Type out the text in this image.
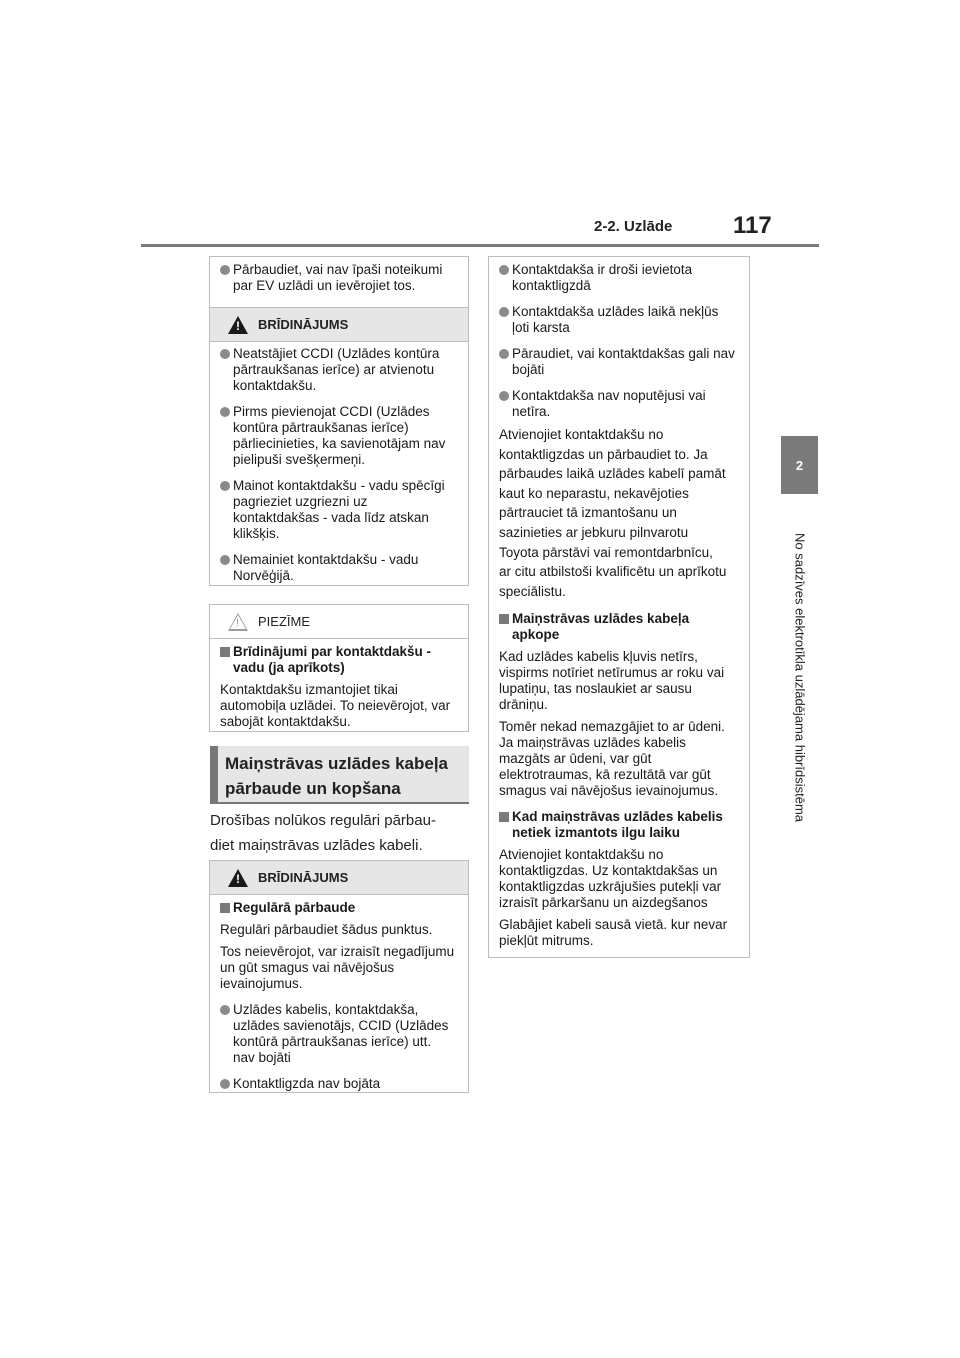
2-2. Uzlāde	117
2
No sadzīves elektrotīkla uzlādējama hibrīdsistēma
Pārbaudiet, vai nav īpaši noteikumi par EV uzlādi un ievērojiet tos.
!
BRĪDINĀJUMS
Neatstājiet CCDI (Uzlādes kontūra pārtraukšanas ierīce) ar atvienotu kontaktdakšu.
Pirms pievienojat CCDI (Uzlādes kontūra pārtraukšanas ierīce) pārliecinieties, ka savienotājam nav pielipuši svešķermeņi.
Mainot kontaktdakšu - vadu spēcīgi pagrieziet uzgriezni uz kontaktdakšas - vada līdz atskan klikšķis.
Nemainiet kontaktdakšu - vadu Norvēģijā.
!
PIEZĪME
Brīdinājumi par kontaktdakšu - vadu (ja aprīkots)
Kontaktdakšu izmantojiet tikai automobiļa uzlādei. To neievērojot, var sabojāt kontaktdakšu.
Maiņstrāvas uzlādes kabeļa
pārbaude un kopšana
Drošības nolūkos regulāri pārbau-
diet maiņstrāvas uzlādes kabeli.
!
BRĪDINĀJUMS
Regulārā pārbaude
Regulāri pārbaudiet šādus punktus.
Tos neievērojot, var izraisīt negadījumu un gūt smagus vai nāvējošus ievainojumus.
Uzlādes kabelis, kontaktdakša, uzlādes savienotājs, CCID (Uzlādes kontūrā pārtraukšanas ierīce) utt. nav bojāti
Kontaktligzda nav bojāta
Kontaktdakša ir droši ievietota kontaktligzdā
Kontaktdakša uzlādes laikā nekļūs ļoti karsta
Pāraudiet, vai kontaktdakšas gali nav bojāti
Kontaktdakša nav noputējusi vai netīra.
Atvienojiet kontaktdakšu no
kontaktligzdas un pārbaudiet to. Ja
pārbaudes laikā uzlādes kabelī pamāt
kaut ko neparastu, nekavējoties
pārtrauciet tā izmantošanu un
sazinieties ar jebkuru pilnvarotu
Toyota pārstāvi vai remontdarbnīcu,
ar citu atbilstoši kvalificētu un aprīkotu
speciālistu.
Maiņstrāvas uzlādes kabeļa apkope
Kad uzlādes kabelis kļuvis netīrs, vispirms notīriet netīrumus ar roku vai lupatiņu, tas noslaukiet ar sausu drāniņu.
Tomēr nekad nemazgājiet to ar ūdeni. Ja maiņstrāvas uzlādes kabelis mazgāts ar ūdeni, var gūt elektrotraumas, kā rezultātā var gūt smagus vai nāvējošus ievainojumus.
Kad maiņstrāvas uzlādes kabelis netiek izmantots ilgu laiku
Atvienojiet kontaktdakšu no kontaktligzdas. Uz kontaktdakšas un kontaktligzdas uzkrājušies putekļi var izraisīt pārkaršanu un aizdegšanos
Glabājiet kabeli sausā vietā. kur nevar piekļūt mitrums.
